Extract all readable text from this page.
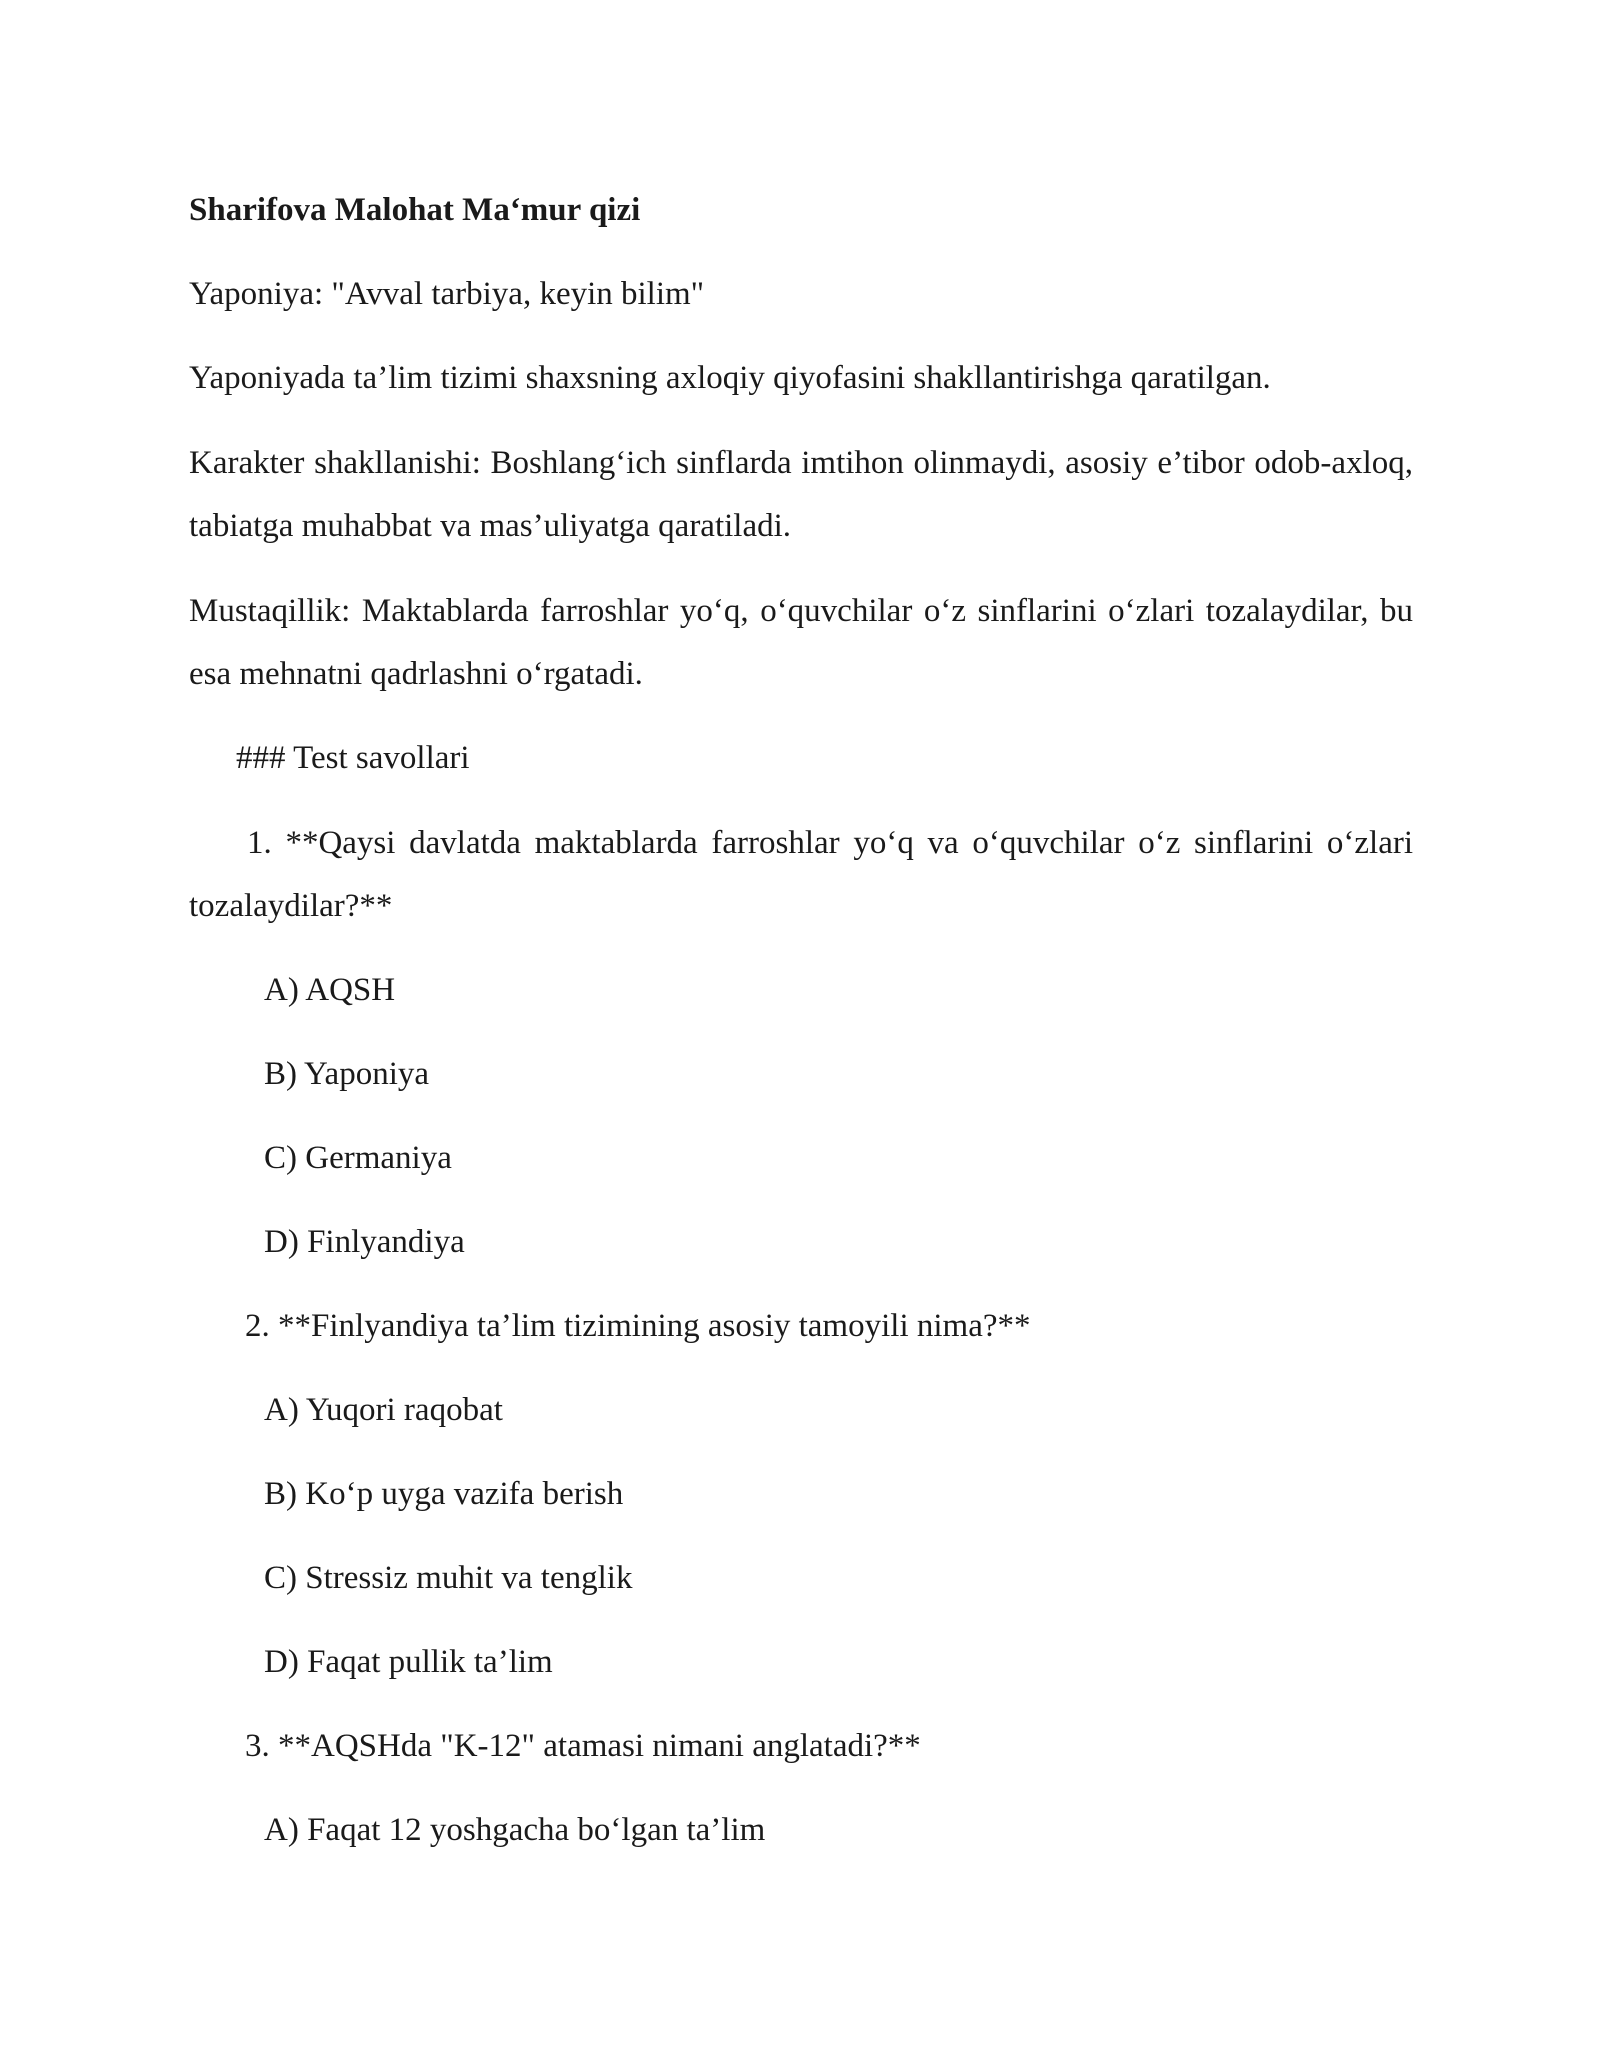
Sharifova Malohat Ma‘mur qizi
Yaponiya: "Avval tarbiya, keyin bilim"
Yaponiyada ta’lim tizimi shaxsning axloqiy qiyofasini shakllantirishga qaratilgan.
Karakter shakllanishi: Boshlang‘ich sinflarda imtihon olinmaydi, asosiy e’tibor odob-axloq, tabiatga muhabbat va mas’uliyatga qaratiladi.
Mustaqillik: Maktablarda farroshlar yo‘q, o‘quvchilar o‘z sinflarini o‘zlari tozalaydilar, bu esa mehnatni qadrlashni o‘rgatadi.
### Test savollari
1. **Qaysi davlatda maktablarda farroshlar yo‘q va o‘quvchilar o‘z sinflarini o‘zlari tozalaydilar?**
A) AQSH
B) Yaponiya
C) Germaniya
D) Finlyandiya
2. **Finlyandiya ta’lim tizimining asosiy tamoyili nima?**
A) Yuqori raqobat
B) Ko‘p uyga vazifa berish
C) Stressiz muhit va tenglik
D) Faqat pullik ta’lim
3. **AQSHda "K-12" atamasi nimani anglatadi?**
A) Faqat 12 yoshgacha bo‘lgan ta’lim
